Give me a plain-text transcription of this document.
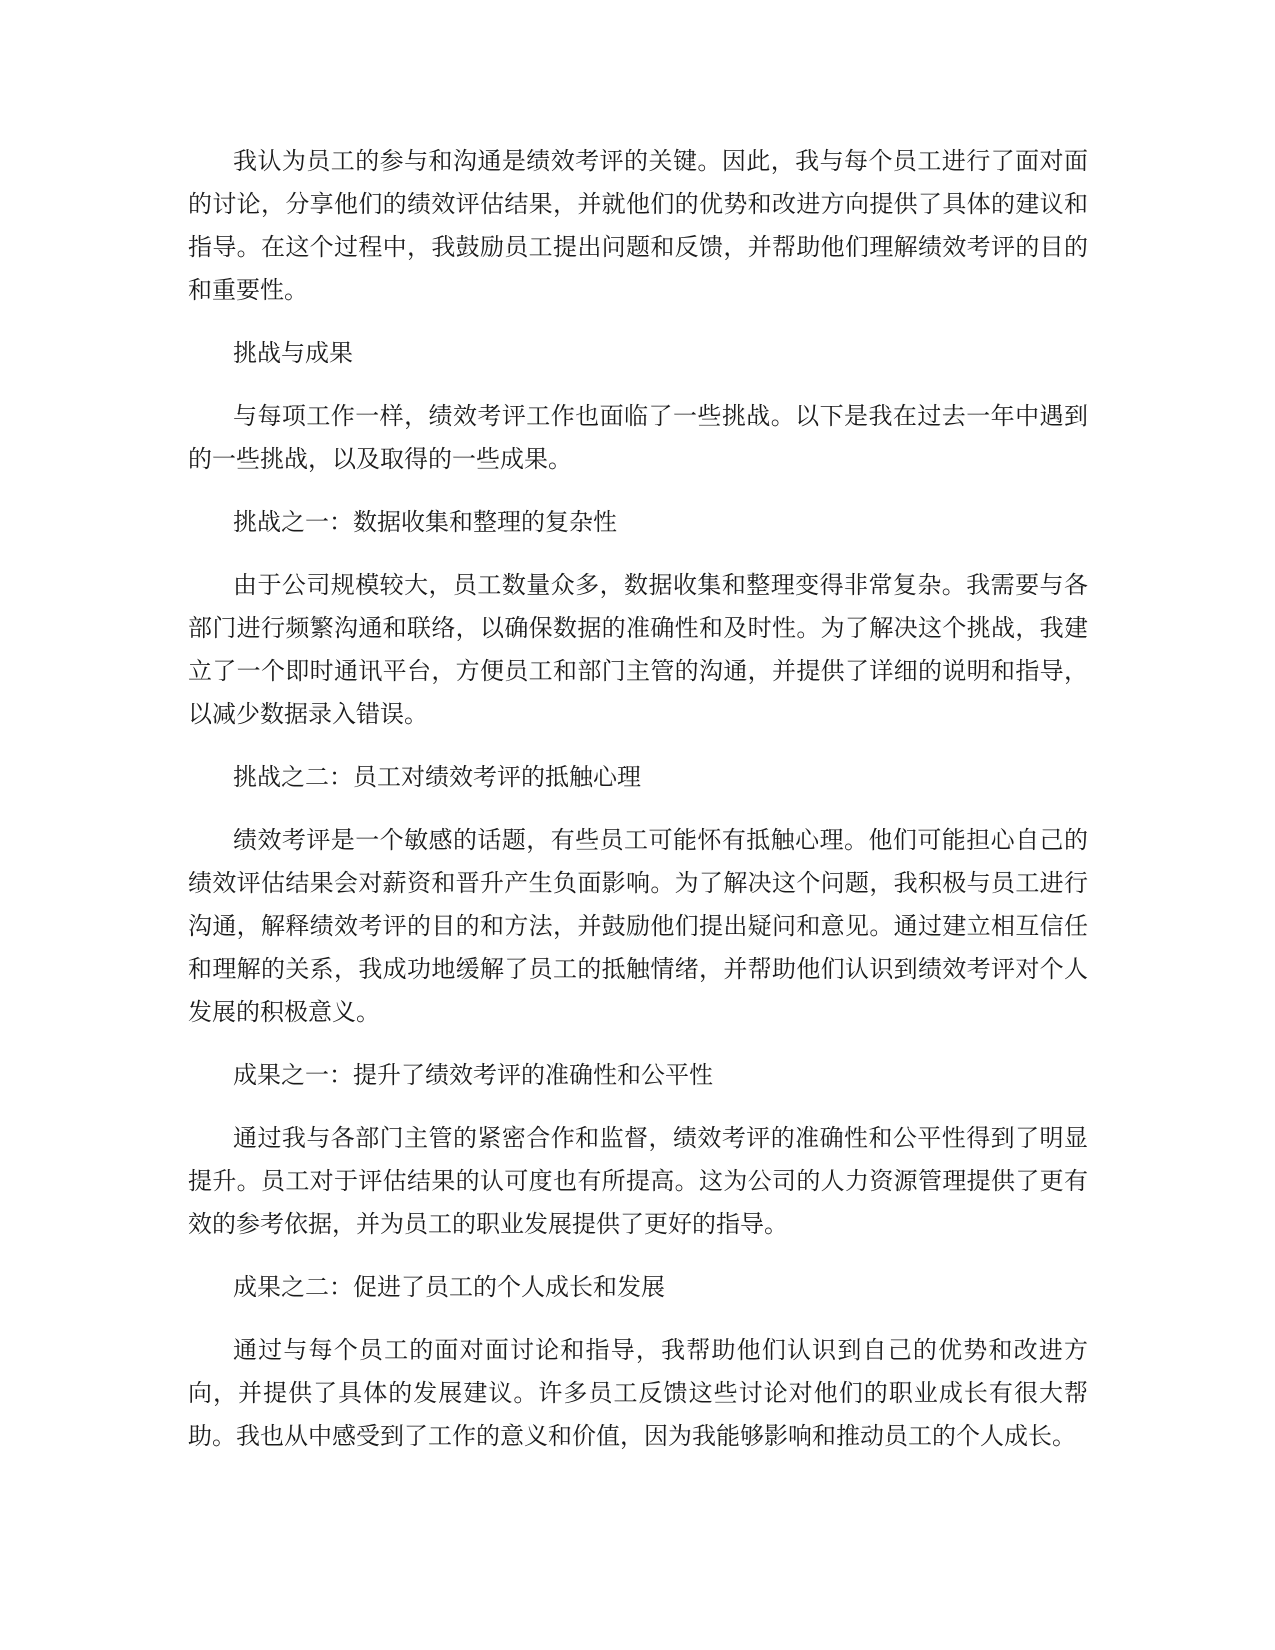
我认为员工的参与和沟通是绩效考评的关键。因此，我与每个员工进行了面对面的讨论，分享他们的绩效评估结果，并就他们的优势和改进方向提供了具体的建议和指导。在这个过程中，我鼓励员工提出问题和反馈，并帮助他们理解绩效考评的目的和重要性。

挑战与成果

与每项工作一样，绩效考评工作也面临了一些挑战。以下是我在过去一年中遇到的一些挑战，以及取得的一些成果。

挑战之一：数据收集和整理的复杂性

由于公司规模较大，员工数量众多，数据收集和整理变得非常复杂。我需要与各部门进行频繁沟通和联络，以确保数据的准确性和及时性。为了解决这个挑战，我建立了一个即时通讯平台，方便员工和部门主管的沟通，并提供了详细的说明和指导，以减少数据录入错误。

挑战之二：员工对绩效考评的抵触心理

绩效考评是一个敏感的话题，有些员工可能怀有抵触心理。他们可能担心自己的绩效评估结果会对薪资和晋升产生负面影响。为了解决这个问题，我积极与员工进行沟通，解释绩效考评的目的和方法，并鼓励他们提出疑问和意见。通过建立相互信任和理解的关系，我成功地缓解了员工的抵触情绪，并帮助他们认识到绩效考评对个人发展的积极意义。

成果之一：提升了绩效考评的准确性和公平性

通过我与各部门主管的紧密合作和监督，绩效考评的准确性和公平性得到了明显提升。员工对于评估结果的认可度也有所提高。这为公司的人力资源管理提供了更有效的参考依据，并为员工的职业发展提供了更好的指导。

成果之二：促进了员工的个人成长和发展

通过与每个员工的面对面讨论和指导，我帮助他们认识到自己的优势和改进方向，并提供了具体的发展建议。许多员工反馈这些讨论对他们的职业成长有很大帮助。我也从中感受到了工作的意义和价值，因为我能够影响和推动员工的个人成长。
